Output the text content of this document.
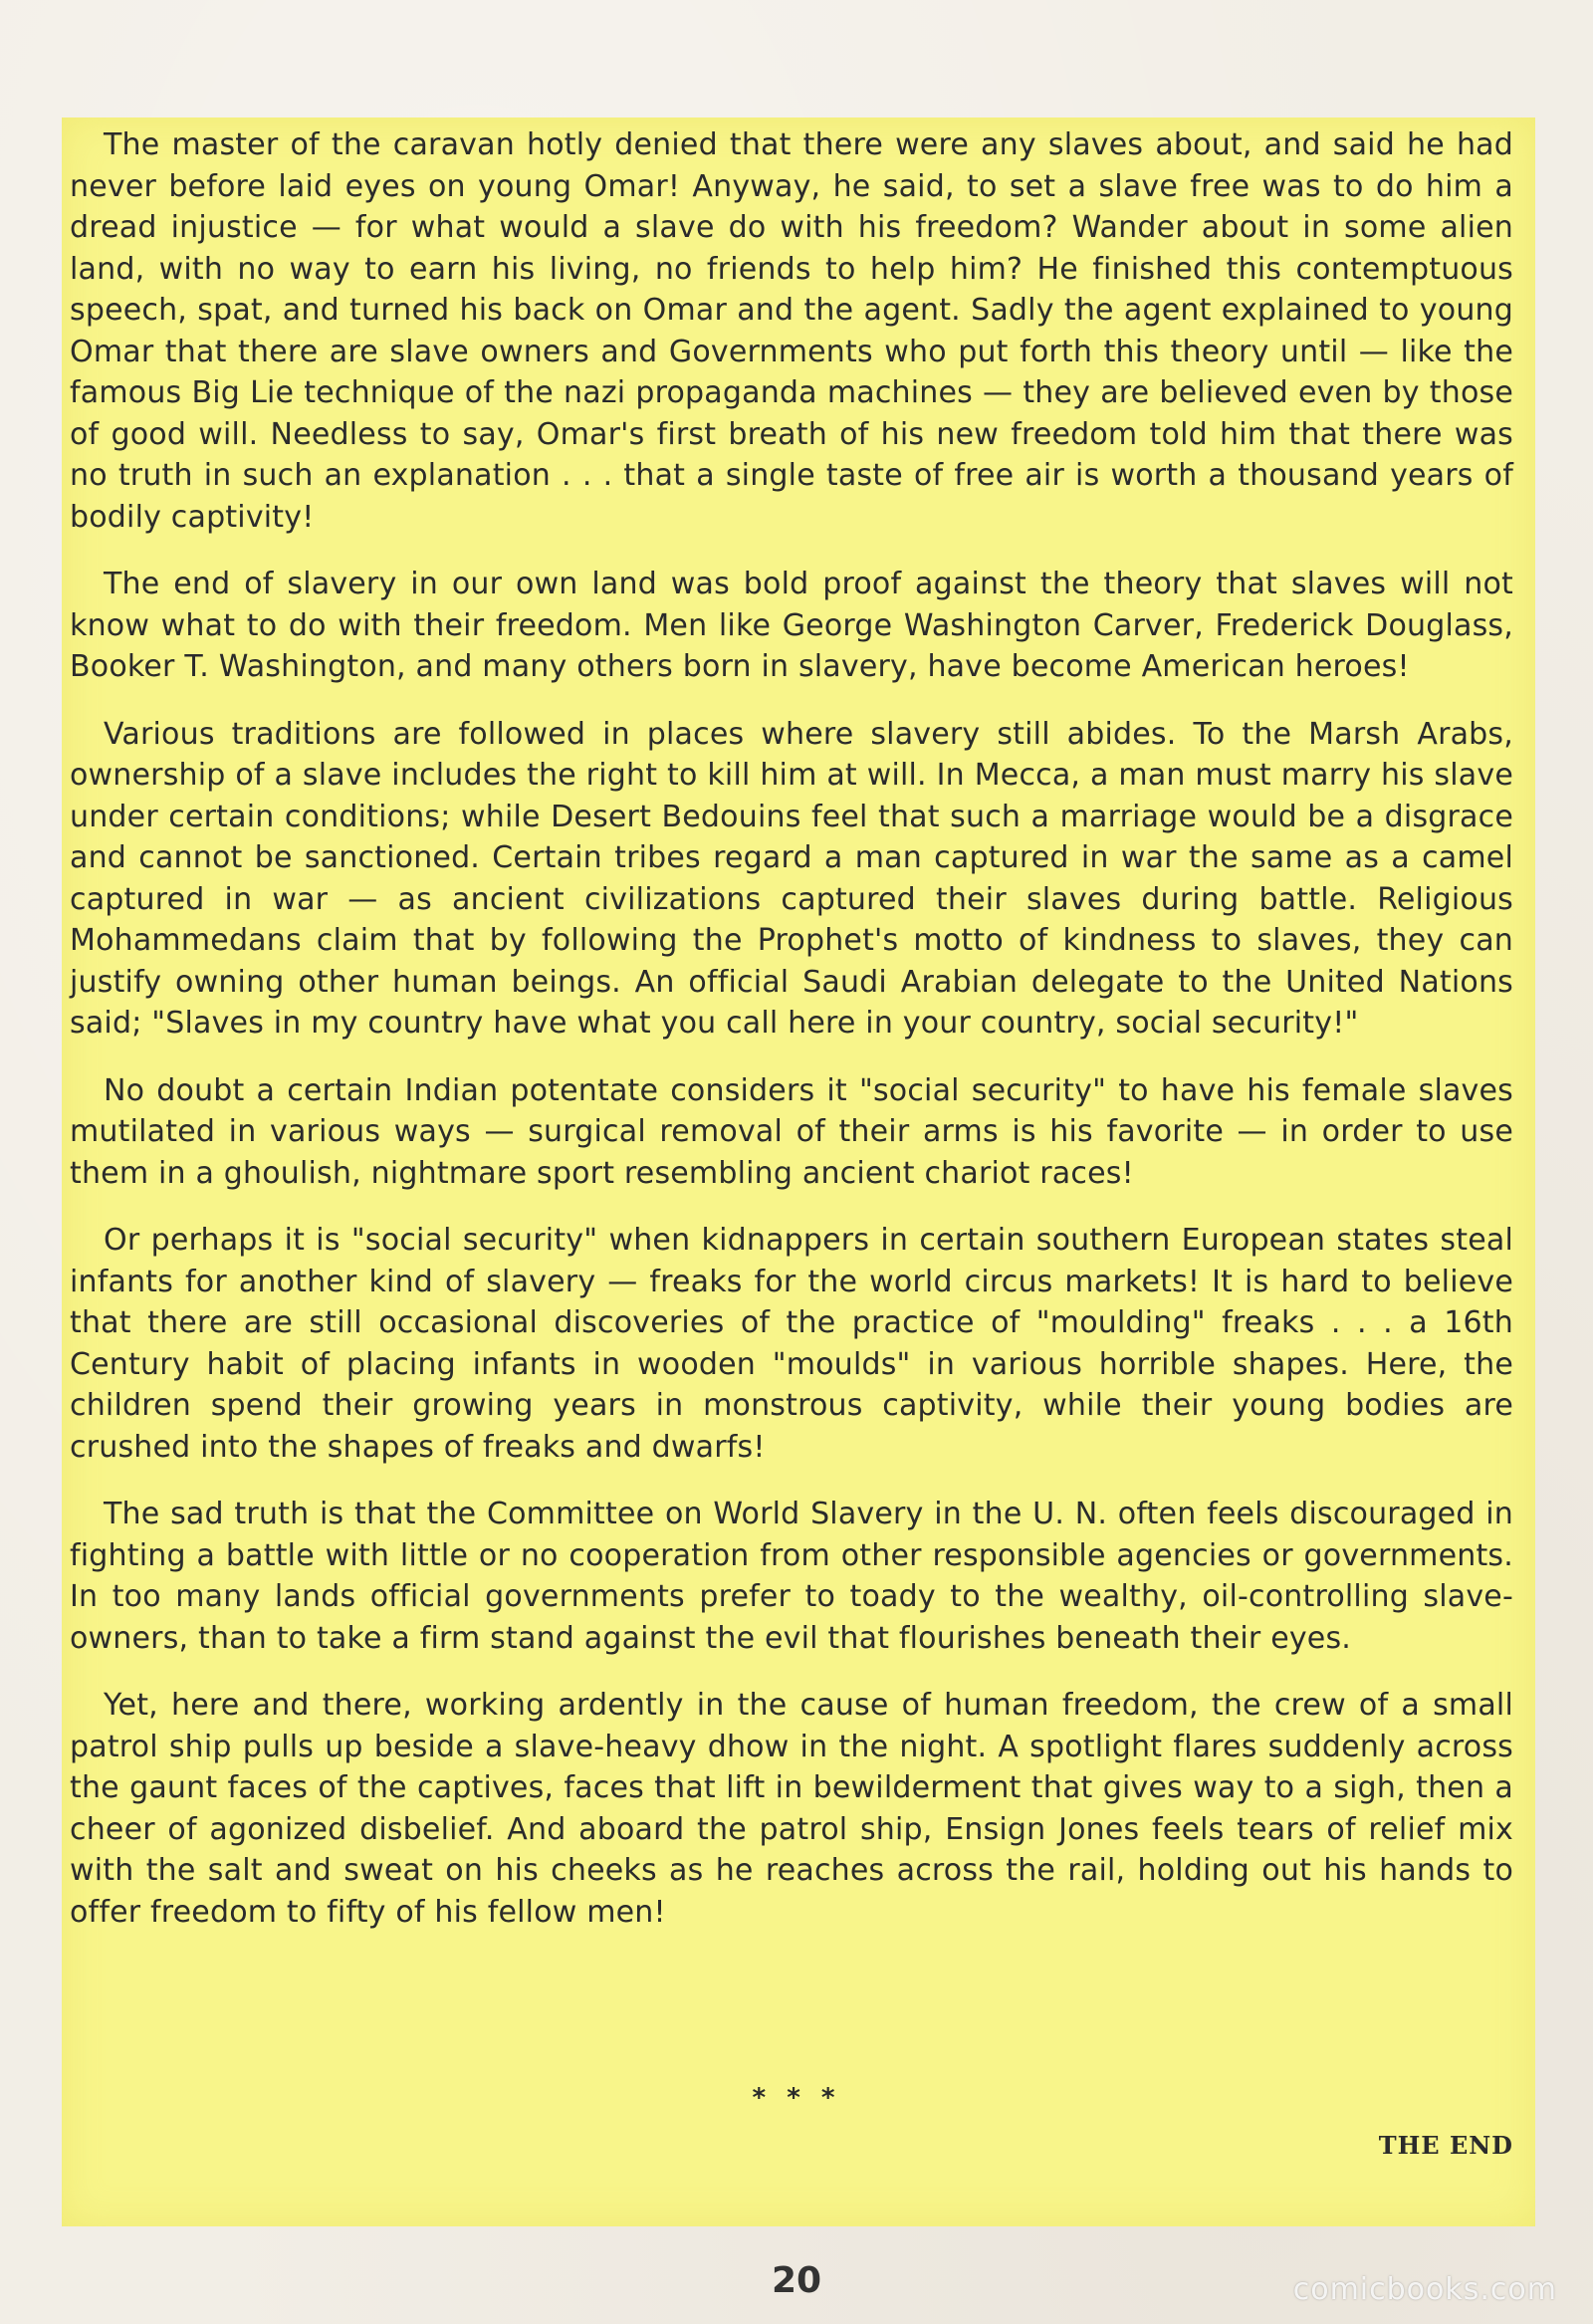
The master of the caravan hotly denied that there were any slaves about, and said he had never before laid eyes on young Omar! Anyway, he said, to set a slave free was to do him a dread injustice — for what would a slave do with his freedom? Wander about in some alien land, with no way to earn his living, no friends to help him? He finished this contemptuous speech, spat, and turned his back on Omar and the agent. Sadly the agent explained to young Omar that there are slave owners and Governments who put forth this theory until — like the famous Big Lie technique of the nazi propaganda machines — they are believed even by those of good will. Needless to say, Omar's first breath of his new freedom told him that there was no truth in such an explanation . . . that a single taste of free air is worth a thousand years of bodily captivity!

The end of slavery in our own land was bold proof against the theory that slaves will not know what to do with their freedom. Men like George Washington Carver, Frederick Douglass, Booker T. Washington, and many others born in slavery, have become American heroes!

Various traditions are followed in places where slavery still abides. To the Marsh Arabs, ownership of a slave includes the right to kill him at will. In Mecca, a man must marry his slave under certain conditions; while Desert Bedouins feel that such a marriage would be a disgrace and cannot be sanctioned. Certain tribes regard a man captured in war the same as a camel captured in war — as ancient civilizations captured their slaves during battle. Religious Mohammedans claim that by following the Prophet's motto of kindness to slaves, they can justify owning other human beings. An official Saudi Arabian delegate to the United Nations said; "Slaves in my country have what you call here in your country, social security!"

No doubt a certain Indian potentate considers it "social security" to have his female slaves mutilated in various ways — surgical removal of their arms is his favorite — in order to use them in a ghoulish, nightmare sport resembling ancient chariot races!

Or perhaps it is "social security" when kidnappers in certain southern European states steal infants for another kind of slavery — freaks for the world circus markets! It is hard to believe that there are still occasional discoveries of the practice of "moulding" freaks . . . a 16th Century habit of placing infants in wooden "moulds" in various horrible shapes. Here, the children spend their growing years in monstrous captivity, while their young bodies are crushed into the shapes of freaks and dwarfs!

The sad truth is that the Committee on World Slavery in the U. N. often feels discouraged in fighting a battle with little or no cooperation from other responsible agencies or governments. In too many lands official governments prefer to toady to the wealthy, oil-controlling slave-owners, than to take a firm stand against the evil that flourishes beneath their eyes.

Yet, here and there, working ardently in the cause of human freedom, the crew of a small patrol ship pulls up beside a slave-heavy dhow in the night. A spotlight flares suddenly across the gaunt faces of the captives, faces that lift in bewilderment that gives way to a sigh, then a cheer of agonized disbelief. And aboard the patrol ship, Ensign Jones feels tears of relief mix with the salt and sweat on his cheeks as he reaches across the rail, holding out his hands to offer freedom to fifty of his fellow men!

* * *
THE END
20	comicbooks.com
